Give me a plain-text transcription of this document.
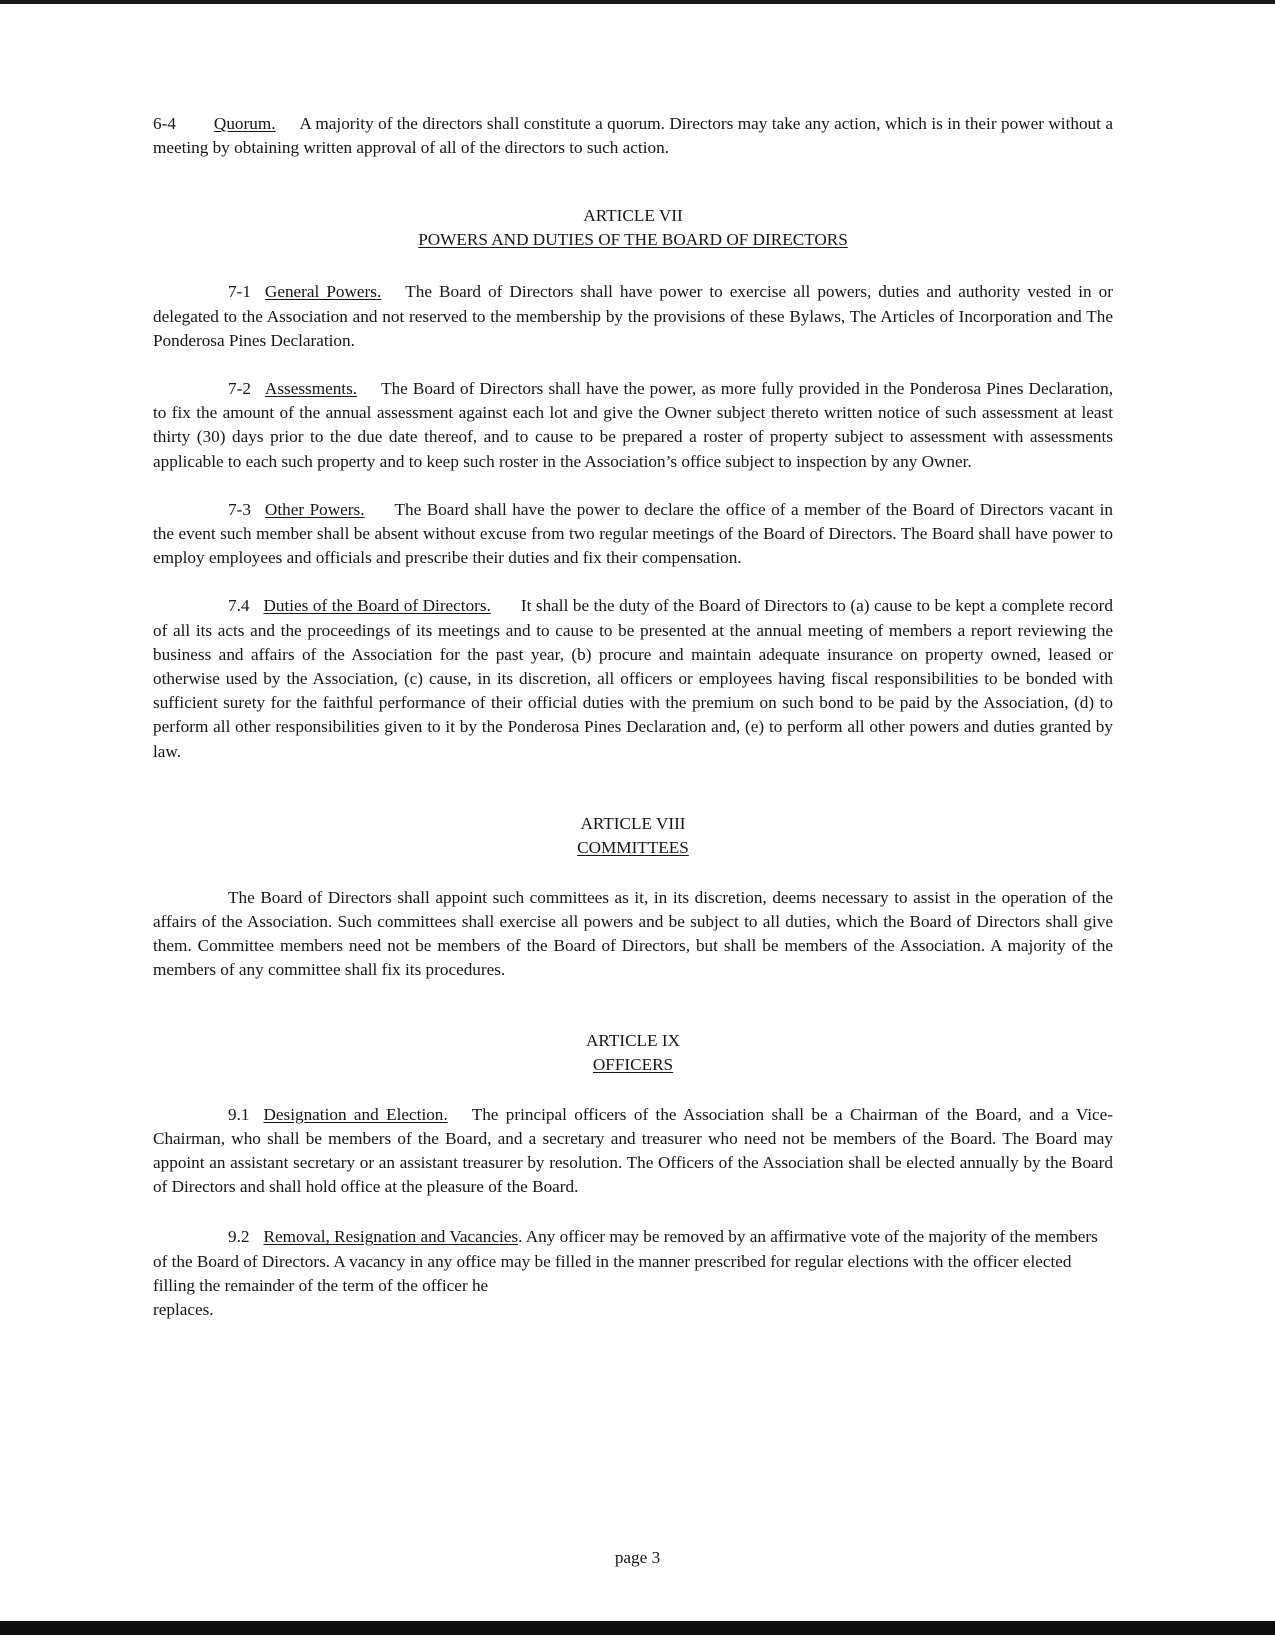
6-4 Quorum. A majority of the directors shall constitute a quorum. Directors may take any action, which is in their power without a meeting by obtaining written approval of all of the directors to such action.

ARTICLE VII

POWERS AND DUTIES OF THE BOARD OF DIRECTORS

7-1 General Powers. The Board of Directors shall have power to exercise all powers, duties and authority vested in or delegated to the Association and not reserved to the membership by the provisions of these Bylaws, The Articles of Incorporation and The Ponderosa Pines Declaration.

7-2 Assessments. The Board of Directors shall have the power, as more fully provided in the Ponderosa Pines Declaration, to fix the amount of the annual assessment against each lot and give the Owner subject thereto written notice of such assessment at least thirty (30) days prior to the due date thereof, and to cause to be prepared a roster of property subject to assessment with assessments applicable to each such property and to keep such roster in the Association’s office subject to inspection by any Owner.

7-3 Other Powers. The Board shall have the power to declare the office of a member of the Board of Directors vacant in the event such member shall be absent without excuse from two regular meetings of the Board of Directors. The Board shall have power to employ employees and officials and prescribe their duties and fix their compensation.

7.4 Duties of the Board of Directors. It shall be the duty of the Board of Directors to (a) cause to be kept a complete record of all its acts and the proceedings of its meetings and to cause to be presented at the annual meeting of members a report reviewing the business and affairs of the Association for the past year, (b) procure and maintain adequate insurance on property owned, leased or otherwise used by the Association, (c) cause, in its discretion, all officers or employees having fiscal responsibilities to be bonded with sufficient surety for the faithful performance of their official duties with the premium on such bond to be paid by the Association, (d) to perform all other responsibilities given to it by the Ponderosa Pines Declaration and, (e) to perform all other powers and duties granted by law.

ARTICLE VIII

COMMITTEES

The Board of Directors shall appoint such committees as it, in its discretion, deems necessary to assist in the operation of the affairs of the Association. Such committees shall exercise all powers and be subject to all duties, which the Board of Directors shall give them. Committee members need not be members of the Board of Directors, but shall be members of the Association. A majority of the members of any committee shall fix its procedures.

ARTICLE IX

OFFICERS

9.1 Designation and Election. The principal officers of the Association shall be a Chairman of the Board, and a Vice-Chairman, who shall be members of the Board, and a secretary and treasurer who need not be members of the Board. The Board may appoint an assistant secretary or an assistant treasurer by resolution. The Officers of the Association shall be elected annually by the Board of Directors and shall hold office at the pleasure of the Board.

9.2 Removal, Resignation and Vacancies. Any officer may be removed by an affirmative vote of the majority of the members of the Board of Directors. A vacancy in any office may be filled in the manner prescribed for regular elections with the officer elected filling the remainder of the term of the officer he
replaces.

page 3
